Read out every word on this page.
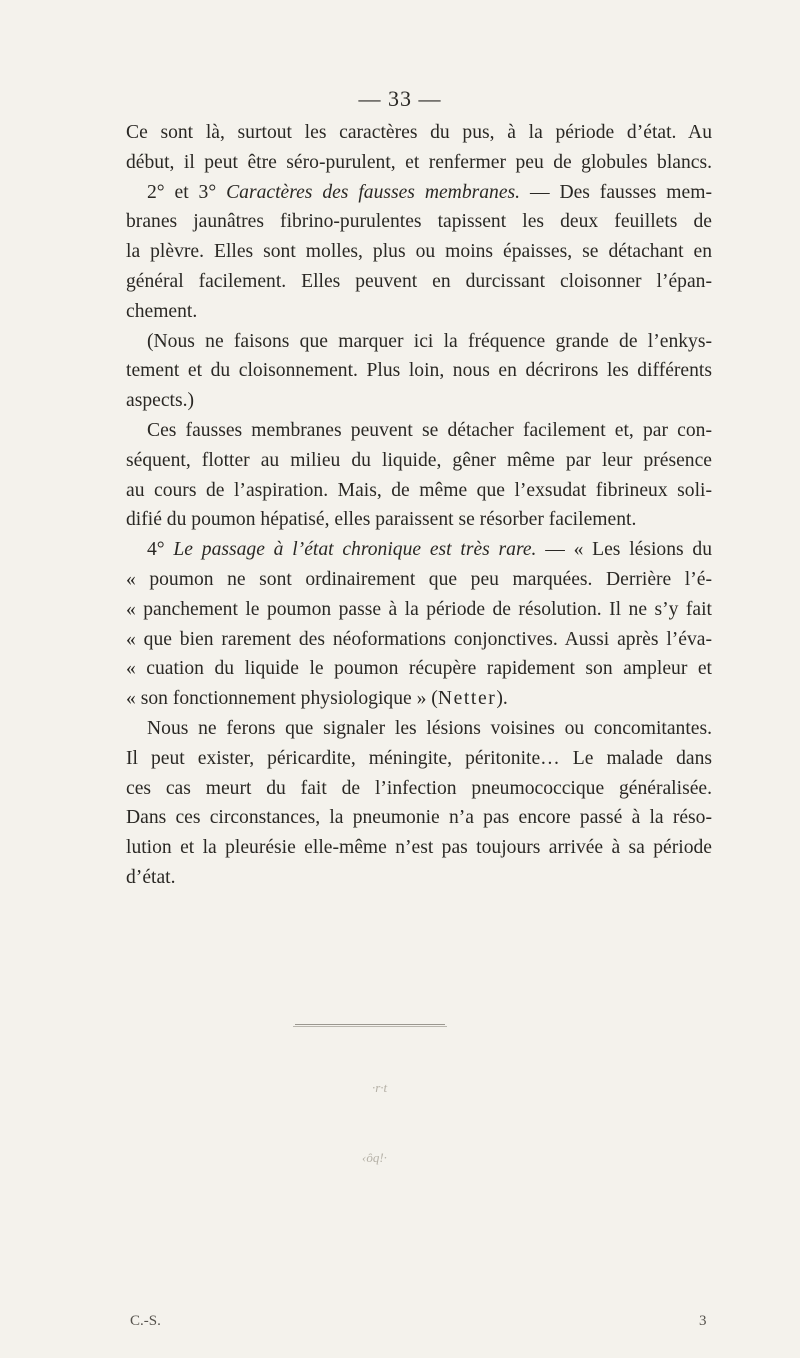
— 33 —
Ce sont là, surtout les caractères du pus, à la période d’état. Au
début, il peut être séro-purulent, et renfermer peu de globules blancs.
2° et 3° Caractères des fausses membranes. — Des fausses mem-
branes jaunâtres fibrino-purulentes tapissent les deux feuillets de
la plèvre. Elles sont molles, plus ou moins épaisses, se détachant en
général facilement. Elles peuvent en durcissant cloisonner l’épan-
chement.
(Nous ne faisons que marquer ici la fréquence grande de l’enkys-
tement et du cloisonnement. Plus loin, nous en décrirons les différents
aspects.)
Ces fausses membranes peuvent se détacher facilement et, par con-
séquent, flotter au milieu du liquide, gêner même par leur présence
au cours de l’aspiration. Mais, de même que l’exsudat fibrineux soli-
difié du poumon hépatisé, elles paraissent se résorber facilement.
4° Le passage à l’état chronique est très rare. — « Les lésions du
« poumon ne sont ordinairement que peu marquées. Derrière l’é-
« panchement le poumon passe à la période de résolution. Il ne s’y fait
« que bien rarement des néoformations conjonctives. Aussi après l’éva-
« cuation du liquide le poumon récupère rapidement son ampleur et
« son fonctionnement physiologique » (Netter).
Nous ne ferons que signaler les lésions voisines ou concomitantes.
Il peut exister, péricardite, méningite, péritonite… Le malade dans
ces cas meurt du fait de l’infection pneumococcique généralisée.
Dans ces circonstances, la pneumonie n’a pas encore passé à la réso-
lution et la pleurésie elle-même n’est pas toujours arrivée à sa période
d’état.
·r·t
‹ôq!·
C.-S.	3
